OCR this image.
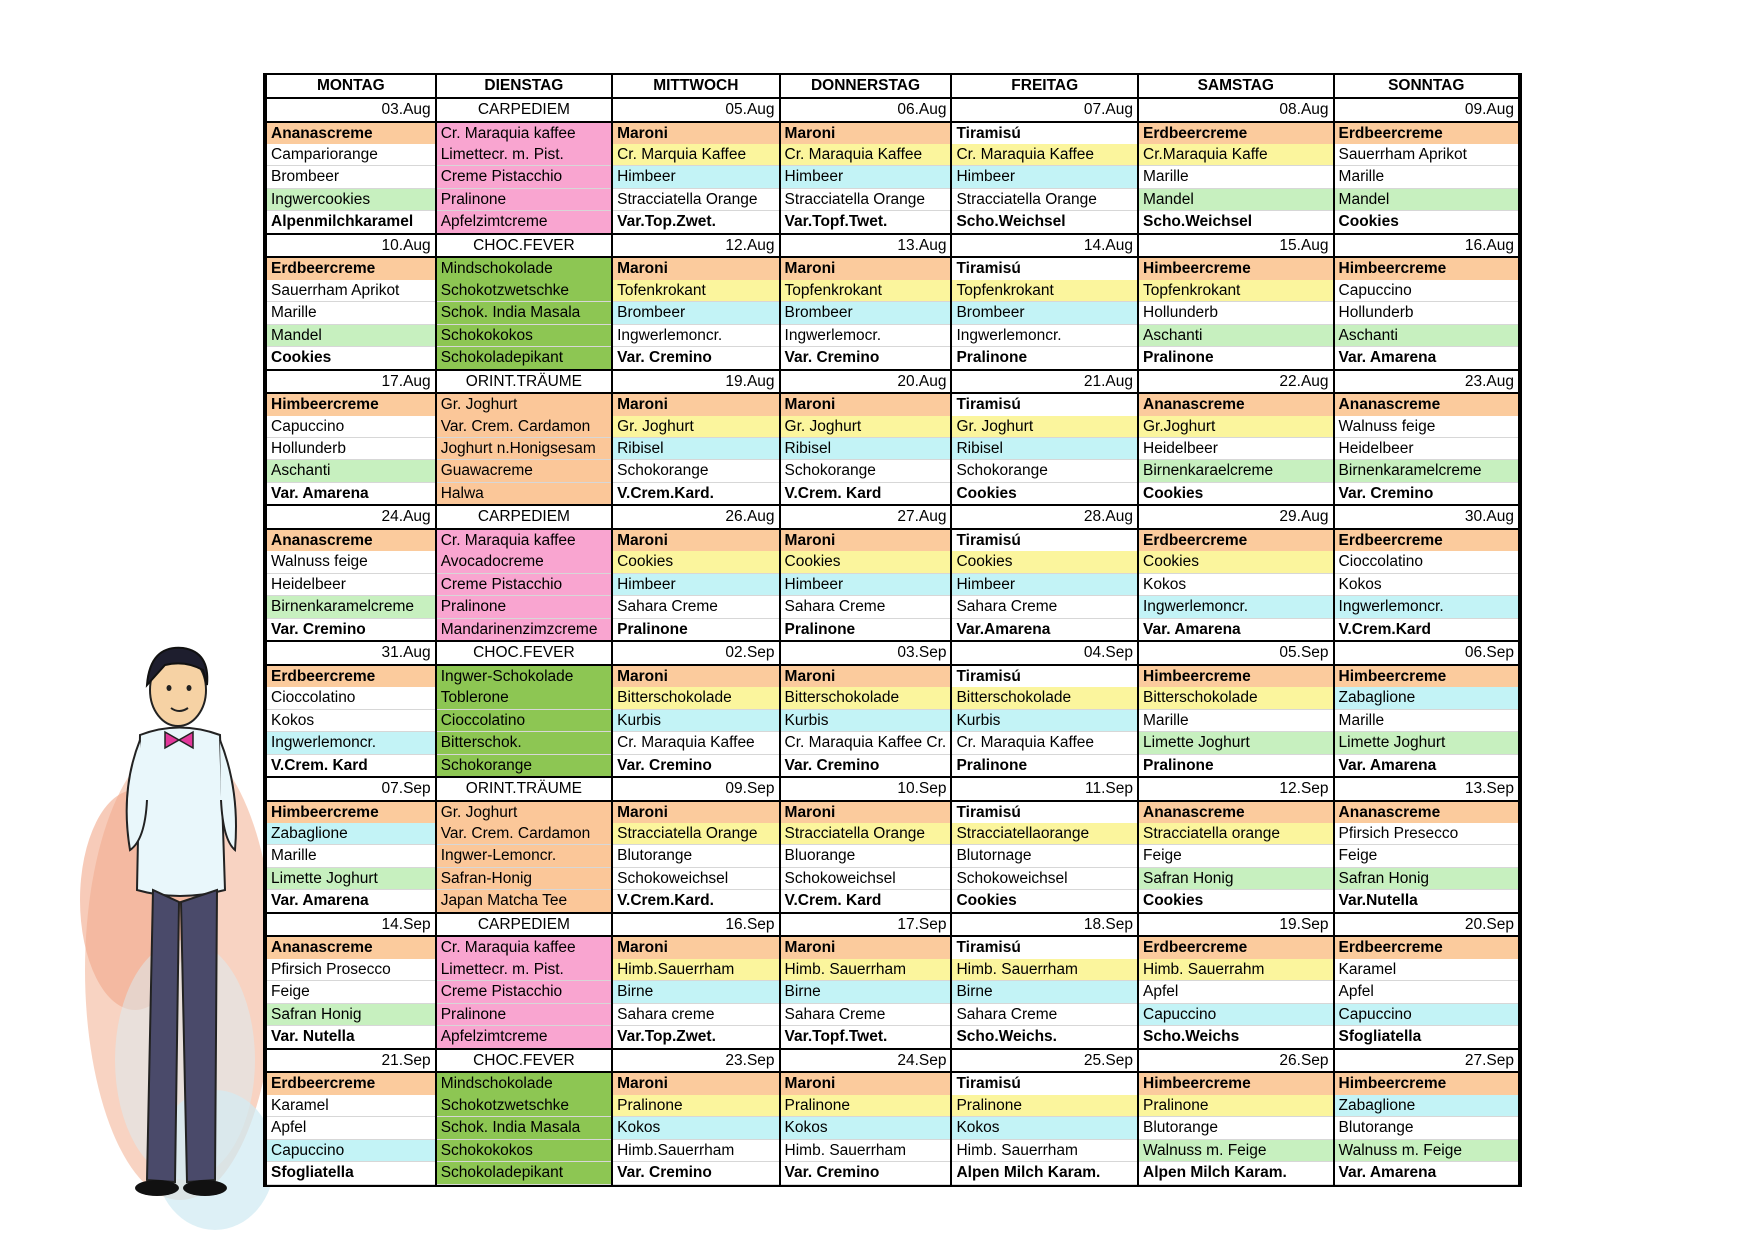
MONTAG	DIENSTAG	MITTWOCH	DONNERSTAG	FREITAG	SAMSTAG	SONNTAG
03.Aug	CARPEDIEM	05.Aug	06.Aug	07.Aug	08.Aug	09.Aug
Ananascreme	Cr. Maraquia kaffee	Maroni	Maroni	Tiramisú	Erdbeercreme	Erdbeercreme
Campariorange	Limettecr. m. Pist.	Cr. Marquia Kaffee	Cr. Maraquia Kaffee	Cr. Maraquia Kaffee	Cr.Maraquia Kaffe	Sauerrham Aprikot
Brombeer	Creme Pistacchio	Himbeer	Himbeer	Himbeer	Marille	Marille
Ingwercookies	Pralinone	Stracciatella Orange	Stracciatella Orange	Stracciatella Orange	Mandel	Mandel
Alpenmilchkaramel	Apfelzimtcreme	Var.Top.Zwet.	Var.Topf.Twet.	Scho.Weichsel	Scho.Weichsel	Cookies
10.Aug	CHOC.FEVER	12.Aug	13.Aug	14.Aug	15.Aug	16.Aug
Erdbeercreme	Mindschokolade	Maroni	Maroni	Tiramisú	Himbeercreme	Himbeercreme
Sauerrham Aprikot	Schokotzwetschke	Tofenkrokant	Topfenkrokant	Topfenkrokant	Topfenkrokant	Capuccino
Marille	Schok. India Masala	Brombeer	Brombeer	Brombeer	Hollunderb	Hollunderb
Mandel	Schokokokos	Ingwerlemoncr.	Ingwerlemocr.	Ingwerlemoncr.	Aschanti	Aschanti
Cookies	Schokoladepikant	Var. Cremino	Var. Cremino	Pralinone	Pralinone	Var. Amarena
17.Aug	ORINT.TRÄUME	19.Aug	20.Aug	21.Aug	22.Aug	23.Aug
Himbeercreme	Gr. Joghurt	Maroni	Maroni	Tiramisú	Ananascreme	Ananascreme
Capuccino	Var. Crem. Cardamon	Gr. Joghurt	Gr. Joghurt	Gr. Joghurt	Gr.Joghurt	Walnuss feige
Hollunderb	Joghurt n.Honigsesam	Ribisel	Ribisel	Ribisel	Heidelbeer	Heidelbeer
Aschanti	Guawacreme	Schokorange	Schokorange	Schokorange	Birnenkaraelcreme	Birnenkaramelcreme
Var. Amarena	Halwa	V.Crem.Kard.	V.Crem. Kard	Cookies	Cookies	Var. Cremino
24.Aug	CARPEDIEM	26.Aug	27.Aug	28.Aug	29.Aug	30.Aug
Ananascreme	Cr. Maraquia kaffee	Maroni	Maroni	Tiramisú	Erdbeercreme	Erdbeercreme
Walnuss feige	Avocadocreme	Cookies	Cookies	Cookies	Cookies	Cioccolatino
Heidelbeer	Creme Pistacchio	Himbeer	Himbeer	Himbeer	Kokos	Kokos
Birnenkaramelcreme	Pralinone	Sahara Creme	Sahara Creme	Sahara Creme	Ingwerlemoncr.	Ingwerlemoncr.
Var. Cremino	Mandarinenzimzcreme	Pralinone	Pralinone	Var.Amarena	Var. Amarena	V.Crem.Kard
31.Aug	CHOC.FEVER	02.Sep	03.Sep	04.Sep	05.Sep	06.Sep
Erdbeercreme	Ingwer-Schokolade	Maroni	Maroni	Tiramisú	Himbeercreme	Himbeercreme
Cioccolatino	Toblerone	Bitterschokolade	Bitterschokolade	Bitterschokolade	Bitterschokolade	Zabaglione
Kokos	Cioccolatino	Kurbis	Kurbis	Kurbis	Marille	Marille
Ingwerlemoncr.	Bitterschok.	Cr. Maraquia Kaffee	Cr. Maraquia Kaffee Cr.	Cr. Maraquia Kaffee	Limette Joghurt	Limette Joghurt
V.Crem. Kard	Schokorange	Var. Cremino	Var. Cremino	Pralinone	Pralinone	Var. Amarena
07.Sep	ORINT.TRÄUME	09.Sep	10.Sep	11.Sep	12.Sep	13.Sep
Himbeercreme	Gr. Joghurt	Maroni	Maroni	Tiramisú	Ananascreme	Ananascreme
Zabaglione	Var. Crem. Cardamon	Stracciatella Orange	Stracciatella Orange	Stracciatellaorange	Stracciatella orange	Pfirsich Presecco
Marille	Ingwer-Lemoncr.	Blutorange	Bluorange	Blutornage	Feige	Feige
Limette Joghurt	Safran-Honig	Schokoweichsel	Schokoweichsel	Schokoweichsel	Safran Honig	Safran Honig
Var. Amarena	Japan Matcha Tee	V.Crem.Kard.	V.Crem. Kard	Cookies	Cookies	Var.Nutella
14.Sep	CARPEDIEM	16.Sep	17.Sep	18.Sep	19.Sep	20.Sep
Ananascreme	Cr. Maraquia kaffee	Maroni	Maroni	Tiramisú	Erdbeercreme	Erdbeercreme
Pfirsich Prosecco	Limettecr. m. Pist.	Himb.Sauerrham	Himb. Sauerrham	Himb. Sauerrham	Himb. Sauerrahm	Karamel
Feige	Creme Pistacchio	Birne	Birne	Birne	Apfel	Apfel
Safran Honig	Pralinone	Sahara creme	Sahara Creme	Sahara Creme	Capuccino	Capuccino
Var. Nutella	Apfelzimtcreme	Var.Top.Zwet.	Var.Topf.Twet.	Scho.Weichs.	Scho.Weichs	Sfogliatella
21.Sep	CHOC.FEVER	23.Sep	24.Sep	25.Sep	26.Sep	27.Sep
Erdbeercreme	Mindschokolade	Maroni	Maroni	Tiramisú	Himbeercreme	Himbeercreme
Karamel	Schokotzwetschke	Pralinone	Pralinone	Pralinone	Pralinone	Zabaglione
Apfel	Schok. India Masala	Kokos	Kokos	Kokos	Blutorange	Blutorange
Capuccino	Schokokokos	Himb.Sauerrham	Himb. Sauerrham	Himb. Sauerrham	Walnuss m. Feige	Walnuss m. Feige
Sfogliatella	Schokoladepikant	Var. Cremino	Var. Cremino	Alpen Milch Karam.	Alpen Milch Karam.	Var. Amarena
